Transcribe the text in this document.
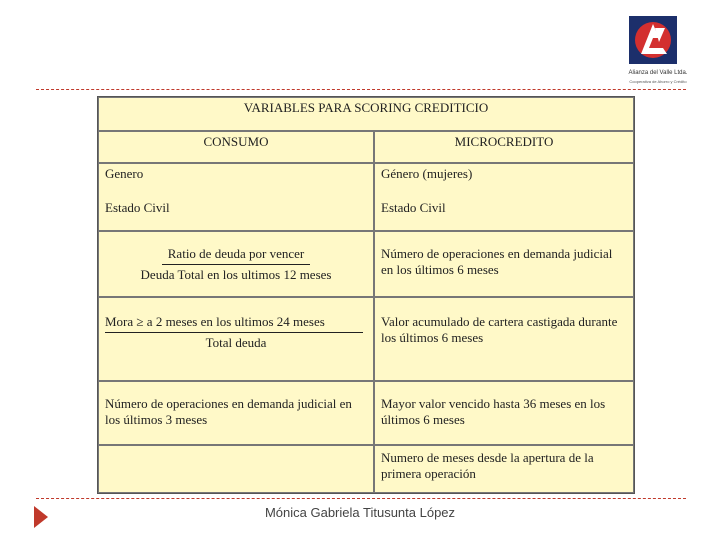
Alianza del Valle Ltda.
Cooperativa de Ahorro y Crédito
VARIABLES PARA SCORING CREDITICIO
CONSUMO	MICROCREDITO
Genero
Estado Civil
Género (mujeres)
Estado Civil
Ratio de deuda por vencer
Deuda Total en los ultimos 12 meses
Número de operaciones en demanda judicial en los últimos 6 meses
Mora ≥ a 2 meses en los ultimos 24 meses
Total deuda
Valor acumulado de cartera castigada durante los últimos 6 meses
Número de operaciones en demanda judicial en los últimos 3 meses
Mayor valor vencido hasta 36 meses en los últimos 6 meses
Numero de meses desde la apertura de la primera operación
Mónica Gabriela Titusunta López
